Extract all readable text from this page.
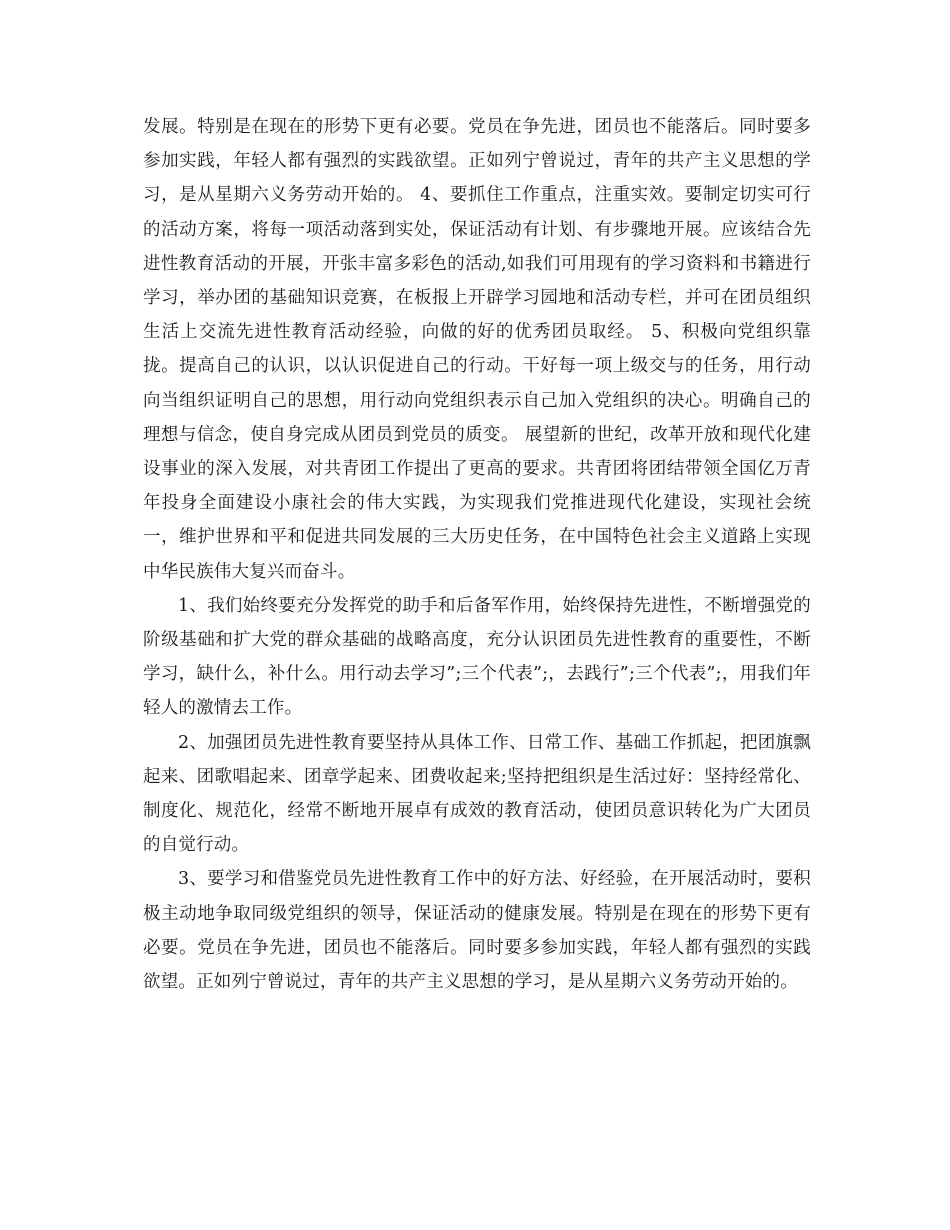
发展。特别是在现在的形势下更有必要。党员在争先进，团员也不能落后。同时要多参加实践，年轻人都有强烈的实践欲望。正如列宁曾说过，青年的共产主义思想的学习，是从星期六义务劳动开始的。 4、要抓住工作重点，注重实效。要制定切实可行的活动方案，将每一项活动落到实处，保证活动有计划、有步骤地开展。应该结合先进性教育活动的开展，开张丰富多彩色的活动,如我们可用现有的学习资料和书籍进行学习，举办团的基础知识竞赛，在板报上开辟学习园地和活动专栏，并可在团员组织生活上交流先进性教育活动经验，向做的好的优秀团员取经。 5、积极向党组织靠拢。提高自己的认识，以认识促进自己的行动。干好每一项上级交与的任务，用行动向当组织证明自己的思想，用行动向党组织表示自己加入党组织的决心。明确自己的理想与信念，使自身完成从团员到党员的质变。 展望新的世纪，改革开放和现代化建设事业的深入发展，对共青团工作提出了更高的要求。共青团将团结带领全国亿万青年投身全面建设小康社会的伟大实践，为实现我们党推进现代化建设，实现社会统一，维护世界和平和促进共同发展的三大历史任务，在中国特色社会主义道路上实现中华民族伟大复兴而奋斗。

1、我们始终要充分发挥党的助手和后备军作用，始终保持先进性，不断增强党的阶级基础和扩大党的群众基础的战略高度，充分认识团员先进性教育的重要性，不断学习，缺什么，补什么。用行动去学习”;三个代表”;，去践行”;三个代表”;，用我们年轻人的激情去工作。

2、加强团员先进性教育要坚持从具体工作、日常工作、基础工作抓起，把团旗飘起来、团歌唱起来、团章学起来、团费收起来;坚持把组织是生活过好：坚持经常化、制度化、规范化，经常不断地开展卓有成效的教育活动，使团员意识转化为广大团员的自觉行动。

3、要学习和借鉴党员先进性教育工作中的好方法、好经验，在开展活动时，要积极主动地争取同级党组织的领导，保证活动的健康发展。特别是在现在的形势下更有必要。党员在争先进，团员也不能落后。同时要多参加实践，年轻人都有强烈的实践欲望。正如列宁曾说过，青年的共产主义思想的学习，是从星期六义务劳动开始的。
